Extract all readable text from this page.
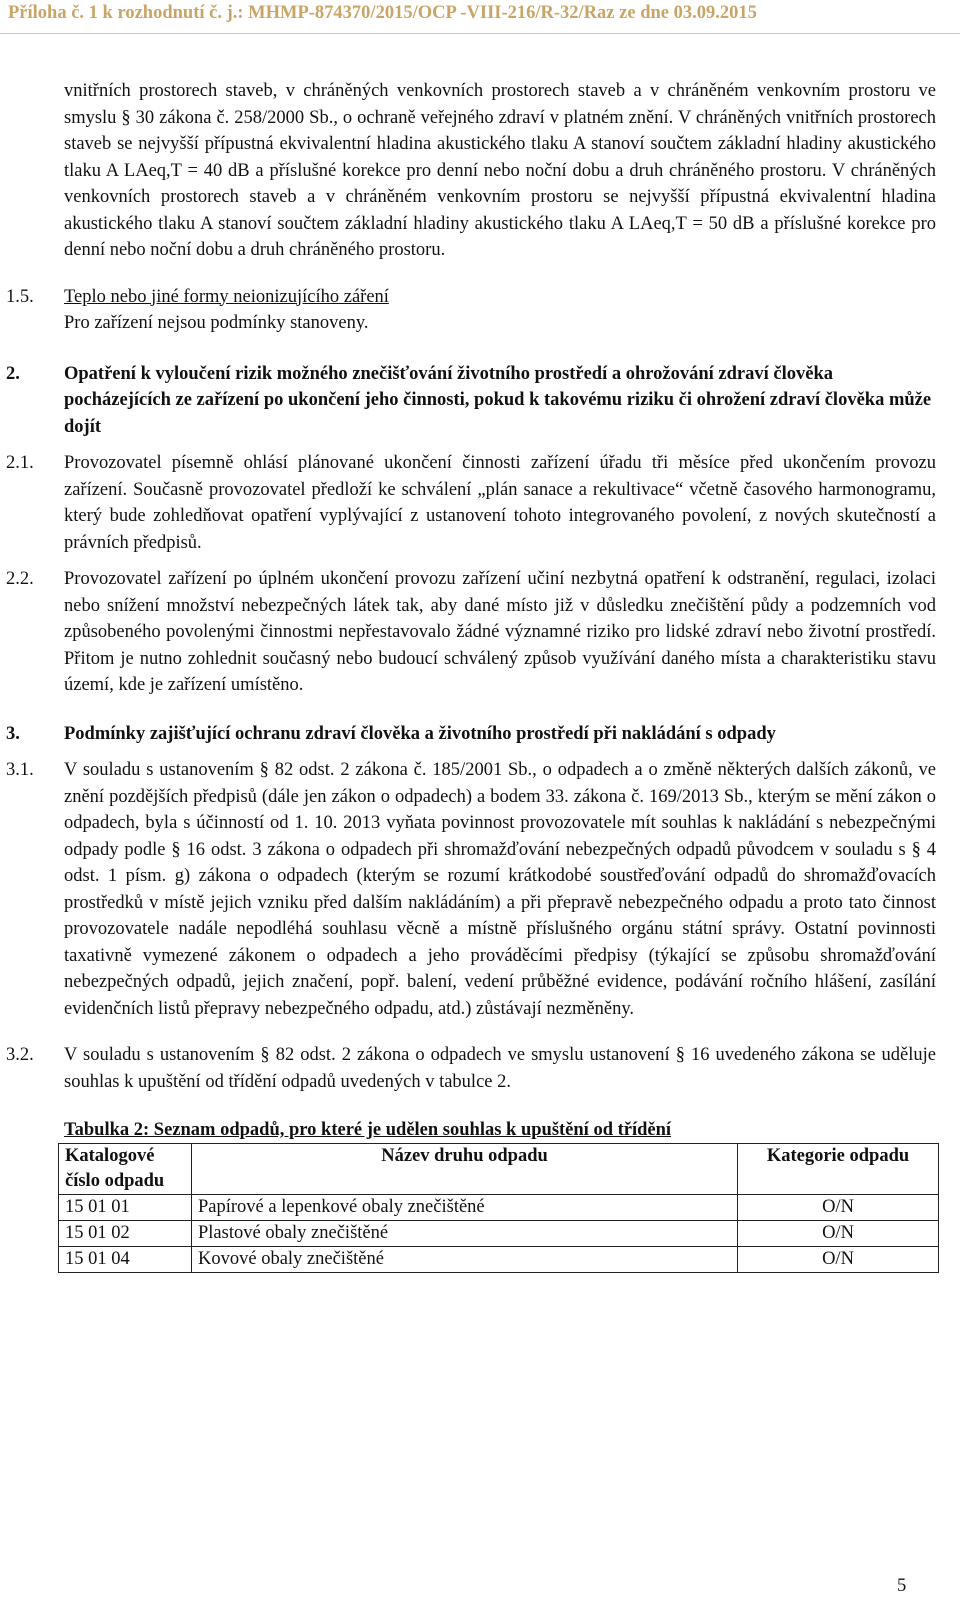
Příloha č. 1 k rozhodnutí č. j.: MHMP-874370/2015/OCP -VIII-216/R-32/Raz ze dne 03.09.2015

vnitřních prostorech staveb, v chráněných venkovních prostorech staveb a v chráněném venkovním prostoru ve smyslu § 30 zákona č. 258/2000 Sb., o ochraně veřejného zdraví v platném znění. V chráněných vnitřních prostorech staveb se nejvyšší přípustná ekvivalentní hladina akustického tlaku A stanoví součtem základní hladiny akustického tlaku A LAeq,T = 40 dB a příslušné korekce pro denní nebo noční dobu a druh chráněného prostoru. V chráněných venkovních prostorech staveb a v chráněném venkovním prostoru se nejvyšší přípustná ekvivalentní hladina akustického tlaku A stanoví součtem základní hladiny akustického tlaku A LAeq,T = 50 dB a příslušné korekce pro denní nebo noční dobu a druh chráněného prostoru.

1.5.	Teplo nebo jiné formy neionizujícího záření
Pro zařízení nejsou podmínky stanoveny.
2.	Opatření k vyloučení rizik možného znečišťování životního prostředí a ohrožování zdraví člověka pocházejících ze zařízení po ukončení jeho činnosti, pokud k takovému riziku či ohrožení zdraví člověka může dojít
2.1.	Provozovatel písemně ohlásí plánované ukončení činnosti zařízení úřadu tři měsíce před ukončením provozu zařízení. Současně provozovatel předloží ke schválení „plán sanace a rekultivace“ včetně časového harmonogramu, který bude zohledňovat opatření vyplývající z ustanovení tohoto integrovaného povolení, z nových skutečností a právních předpisů.
2.2.	Provozovatel zařízení po úplném ukončení provozu zařízení učiní nezbytná opatření k odstranění, regulaci, izolaci nebo snížení množství nebezpečných látek tak, aby dané místo již v důsledku znečištění půdy a podzemních vod způsobeného povolenými činnostmi nepřestavovalo žádné významné riziko pro lidské zdraví nebo životní prostředí. Přitom je nutno zohlednit současný nebo budoucí schválený způsob využívání daného místa a charakteristiku stavu území, kde je zařízení umístěno.
3.	Podmínky zajišťující ochranu zdraví člověka a životního prostředí při nakládání s odpady
3.1.	V souladu s ustanovením § 82 odst. 2 zákona č. 185/2001 Sb., o odpadech a o změně některých dalších zákonů, ve znění pozdějších předpisů (dále jen zákon o odpadech) a bodem 33. zákona č. 169/2013 Sb., kterým se mění zákon o odpadech, byla s účinností od 1. 10. 2013 vyňata povinnost provozovatele mít souhlas k nakládání s nebezpečnými odpady podle § 16 odst. 3 zákona o odpadech při shromažďování nebezpečných odpadů původcem v souladu s § 4 odst. 1 písm. g) zákona o odpadech (kterým se rozumí krátkodobé soustřeďování odpadů do shromažďovacích prostředků v místě jejich vzniku před dalším nakládáním) a při přepravě nebezpečného odpadu a proto tato činnost provozovatele nadále nepodléhá souhlasu věcně a místně příslušného orgánu státní správy. Ostatní povinnosti taxativně vymezené zákonem o odpadech a jeho prováděcími předpisy (týkající se způsobu shromažďování nebezpečných odpadů, jejich značení, popř. balení, vedení průběžné evidence, podávání ročního hlášení, zasílání evidenčních listů přepravy nebezpečného odpadu, atd.) zůstávají nezměněny.
3.2.	V souladu s ustanovením § 82 odst. 2 zákona o odpadech ve smyslu ustanovení § 16 uvedeného zákona se uděluje souhlas k upuštění od třídění odpadů uvedených v tabulce 2.
Tabulka 2: Seznam odpadů, pro které je udělen souhlas k upuštění od třídění
Katalogové číslo odpadu	Název druhu odpadu	Kategorie odpadu
15 01 01	Papírové a lepenkové obaly znečištěné	O/N
15 01 02	Plastové obaly znečištěné	O/N
15 01 04	Kovové obaly znečištěné	O/N
5
